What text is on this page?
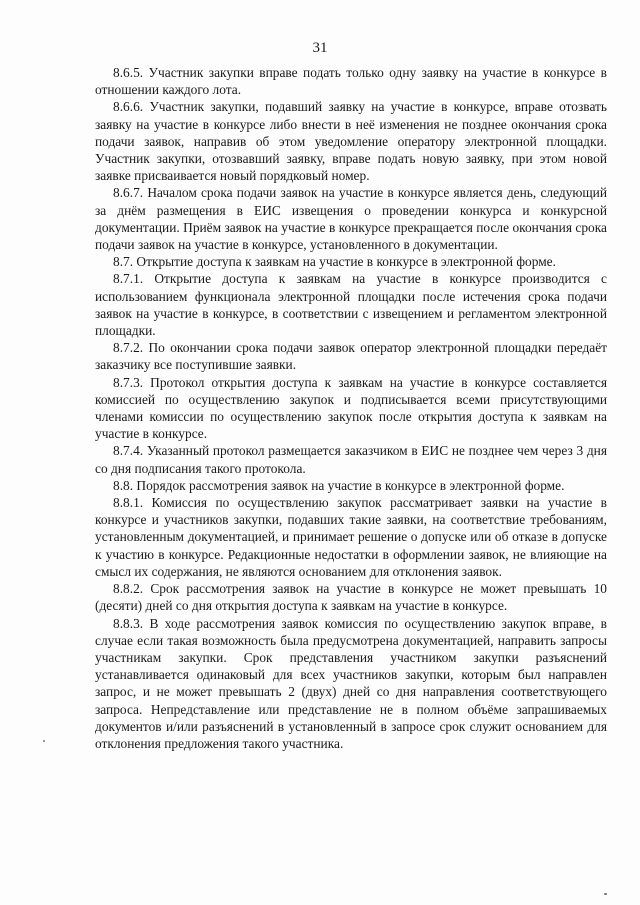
31

8.6.5. Участник закупки вправе подать только одну заявку на участие в конкурсе в отношении каждого лота.

8.6.6. Участник закупки, подавший заявку на участие в конкурсе, вправе отозвать заявку на участие в конкурсе либо внести в неё изменения не позднее окончания срока подачи заявок, направив об этом уведомление оператору электронной площадки. Участник закупки, отозвавший заявку, вправе подать новую заявку, при этом новой заявке присваивается новый порядковый номер.

8.6.7. Началом срока подачи заявок на участие в конкурсе является день, следующий за днём размещения в ЕИС извещения о проведении конкурса и конкурсной документации. Приём заявок на участие в конкурсе прекращается после окончания срока подачи заявок на участие в конкурсе, установленного в документации.

8.7. Открытие доступа к заявкам на участие в конкурсе в электронной форме.

8.7.1. Открытие доступа к заявкам на участие в конкурсе производится с использованием функционала электронной площадки после истечения срока подачи заявок на участие в конкурсе, в соответствии с извещением и регламентом электронной площадки.

8.7.2. По окончании срока подачи заявок оператор электронной площадки передаёт заказчику все поступившие заявки.

8.7.3. Протокол открытия доступа к заявкам на участие в конкурсе составляется комиссией по осуществлению закупок и подписывается всеми присутствующими членами комиссии по осуществлению закупок после открытия доступа к заявкам на участие в конкурсе.

8.7.4. Указанный протокол размещается заказчиком в ЕИС не позднее чем через 3 дня со дня подписания такого протокола.

8.8. Порядок рассмотрения заявок на участие в конкурсе в электронной форме.

8.8.1. Комиссия по осуществлению закупок рассматривает заявки на участие в конкурсе и участников закупки, подавших такие заявки, на соответствие требованиям, установленным документацией, и принимает решение о допуске или об отказе в допуске к участию в конкурсе. Редакционные недостатки в оформлении заявок, не влияющие на смысл их содержания, не являются основанием для отклонения заявок.

8.8.2. Срок рассмотрения заявок на участие в конкурсе не может превышать 10 (десяти) дней со дня открытия доступа к заявкам на участие в конкурсе.

8.8.3. В ходе рассмотрения заявок комиссия по осуществлению закупок вправе, в случае если такая возможность была предусмотрена документацией, направить запросы участникам закупки. Срок представления участником закупки разъяснений устанавливается одинаковый для всех участников закупки, которым был направлен запрос, и не может превышать 2 (двух) дней со дня направления соответствующего запроса. Непредставление или представление не в полном объёме запрашиваемых документов и/или разъяснений в установленный в запросе срок служит основанием для отклонения предложения такого участника.
